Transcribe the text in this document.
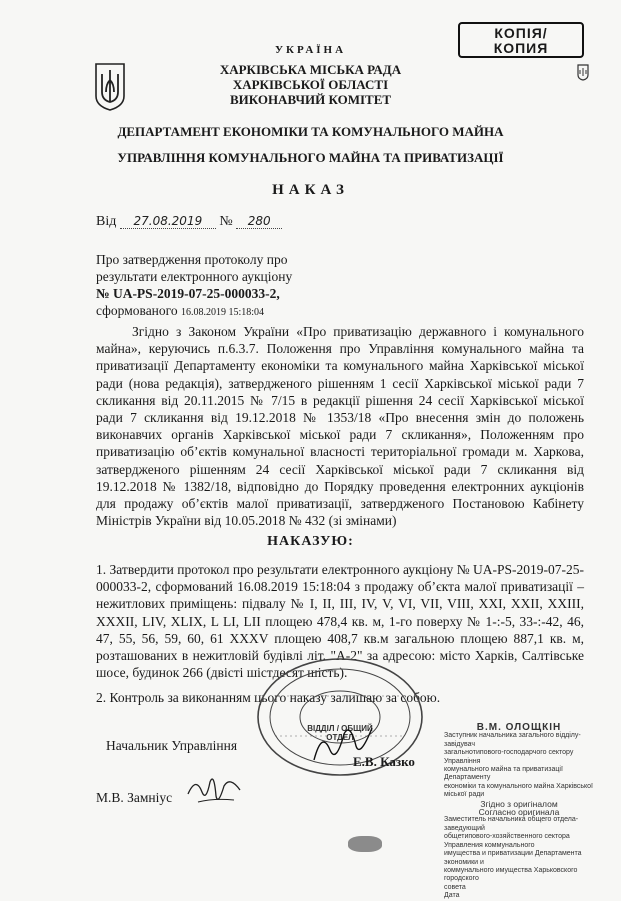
КОПІЯ/
КОПИЯ
УКРАЇНА
ХАРКІВСЬКА МІСЬКА РАДА
ХАРКІВСЬКОЇ ОБЛАСТІ
ВИКОНАВЧИЙ КОМІТЕТ
ДЕПАРТАМЕНТ ЕКОНОМІКИ ТА КОМУНАЛЬНОГО МАЙНА
УПРАВЛІННЯ КОМУНАЛЬНОГО МАЙНА ТА ПРИВАТИЗАЦІЇ
НАКАЗ
Від 27.08.2019 № 280
Про затвердження протоколу про
результати електронного аукціону
№ UA-PS-2019-07-25-000033-2,
сформованого 16.08.2019 15:18:04
Згідно з Законом України «Про приватизацію державного і комунального майна», керуючись п.6.3.7. Положення про Управління комунального майна та приватизації Департаменту економіки та комунального майна Харківської міської ради (нова редакція), затвердженого рішенням 1 сесії Харківської міської ради 7 скликання від 20.11.2015 № 7/15 в редакції рішення 24 сесії Харківської міської ради 7 скликання від 19.12.2018 № 1353/18 «Про внесення змін до положень виконавчих органів Харківської міської ради 7 скликання», Положенням про приватизацію об’єктів комунальної власності територіальної громади м. Харкова, затвердженого рішенням 24 сесії Харківської міської ради 7 скликання від 19.12.2018 № 1382/18, відповідно до Порядку проведення електронних аукціонів для продажу об’єктів малої приватизації, затвердженого Постановою Кабінету Міністрів України від 10.05.2018 № 432 (зі змінами)
НАКАЗУЮ:
1. Затвердити протокол про результати електронного аукціону № UA-PS-2019-07-25-000033-2, сформований 16.08.2019 15:18:04 з продажу об’єкта малої приватизації – нежитлових приміщень: підвалу № I, II, III, IV, V, VI, VII, VIII, XXI, XXII, XXIII, XXXII, LIV, XLIX, L LI, LII площею 478,4 кв. м, 1-го поверху № 1-:-5, 33-:-42, 46, 47, 55, 56, 59, 60, 61 XXXV площею 408,7 кв.м загальною площею 887,1 кв. м, розташованих в нежитловій будівлі літ. "А-2" за адресою: місто Харків, Салтівське шосе, будинок 266 (двісті шістдесят шість).
2. Контроль за виконанням цього наказу залишаю за собою.
Начальник Управління
М.В. Замніус
ВІДДІЛ / ОБЩИЙ ОТДЕЛ
Е.В. Казко
В.М. ОЛОЩКІН
Заступник начальника загального відділу-завідувач
загальнотипового-господарчого сектору Управління
комунального майна та приватизації Департаменту
економіки та комунального майна Харківської міської ради
Згідно з оригіналом
Согласно оригинала
Заместитель начальника общего отдела-заведующий
общетипового-хозяйственного сектора
Управления коммунального
имущества и приватизации Департамента экономики и
коммунального имущества Харьковского городского
совета
Дата
